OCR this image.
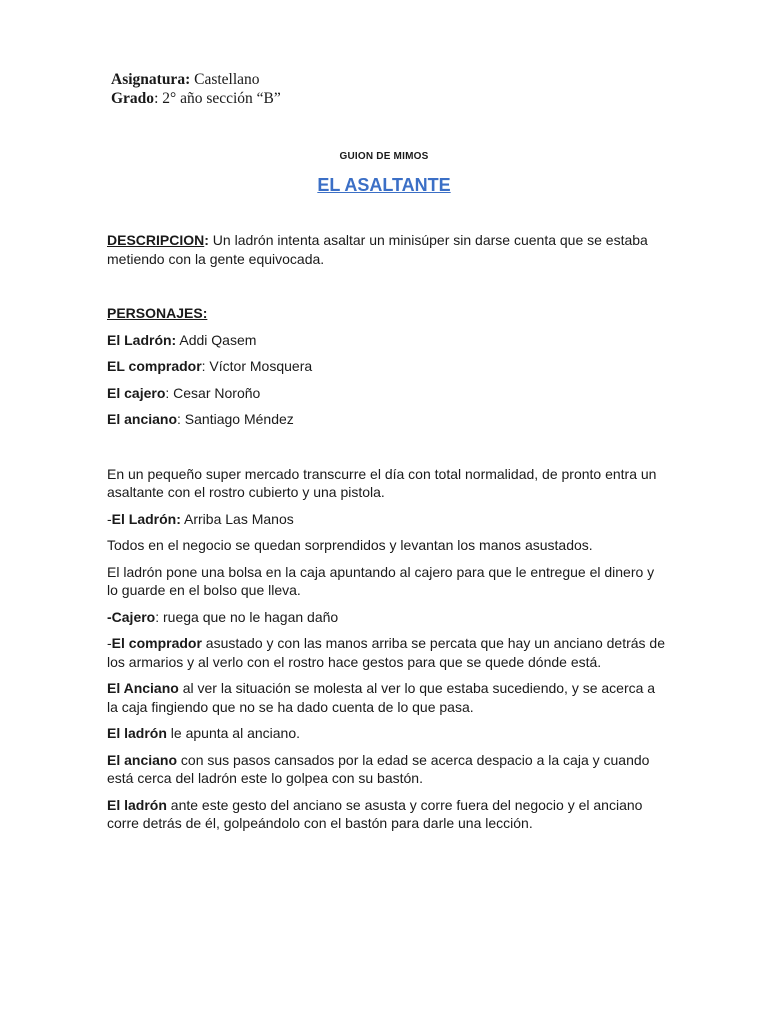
Asignatura: Castellano
Grado: 2° año sección “B”
GUION DE MIMOS
EL ASALTANTE

DESCRIPCION: Un ladrón intenta asaltar un minisúper sin darse cuenta que se estaba metiendo con la gente equivocada.

PERSONAJES:

El Ladrón: Addi Qasem

EL comprador: Víctor Mosquera

El cajero: Cesar Noroño

El anciano: Santiago Méndez

En un pequeño super mercado transcurre el día con total normalidad, de pronto entra un asaltante con el rostro cubierto y una pistola.

-El Ladrón: Arriba Las Manos

Todos en el negocio se quedan sorprendidos y levantan los manos asustados.

El ladrón pone una bolsa en la caja apuntando al cajero para que le entregue el dinero y lo guarde en el bolso que lleva.

-Cajero: ruega que no le hagan daño

-El comprador asustado y con las manos arriba se percata que hay un anciano detrás de los armarios y al verlo con el rostro hace gestos para que se quede dónde está.

El Anciano al ver la situación se molesta al ver lo que estaba sucediendo, y se acerca a la caja fingiendo que no se ha dado cuenta de lo que pasa.

El ladrón le apunta al anciano.

El anciano con sus pasos cansados por la edad se acerca despacio a la caja y cuando está cerca del ladrón este lo golpea con su bastón.

El ladrón ante este gesto del anciano se asusta y corre fuera del negocio y el anciano corre detrás de él, golpeándolo con el bastón para darle una lección.
